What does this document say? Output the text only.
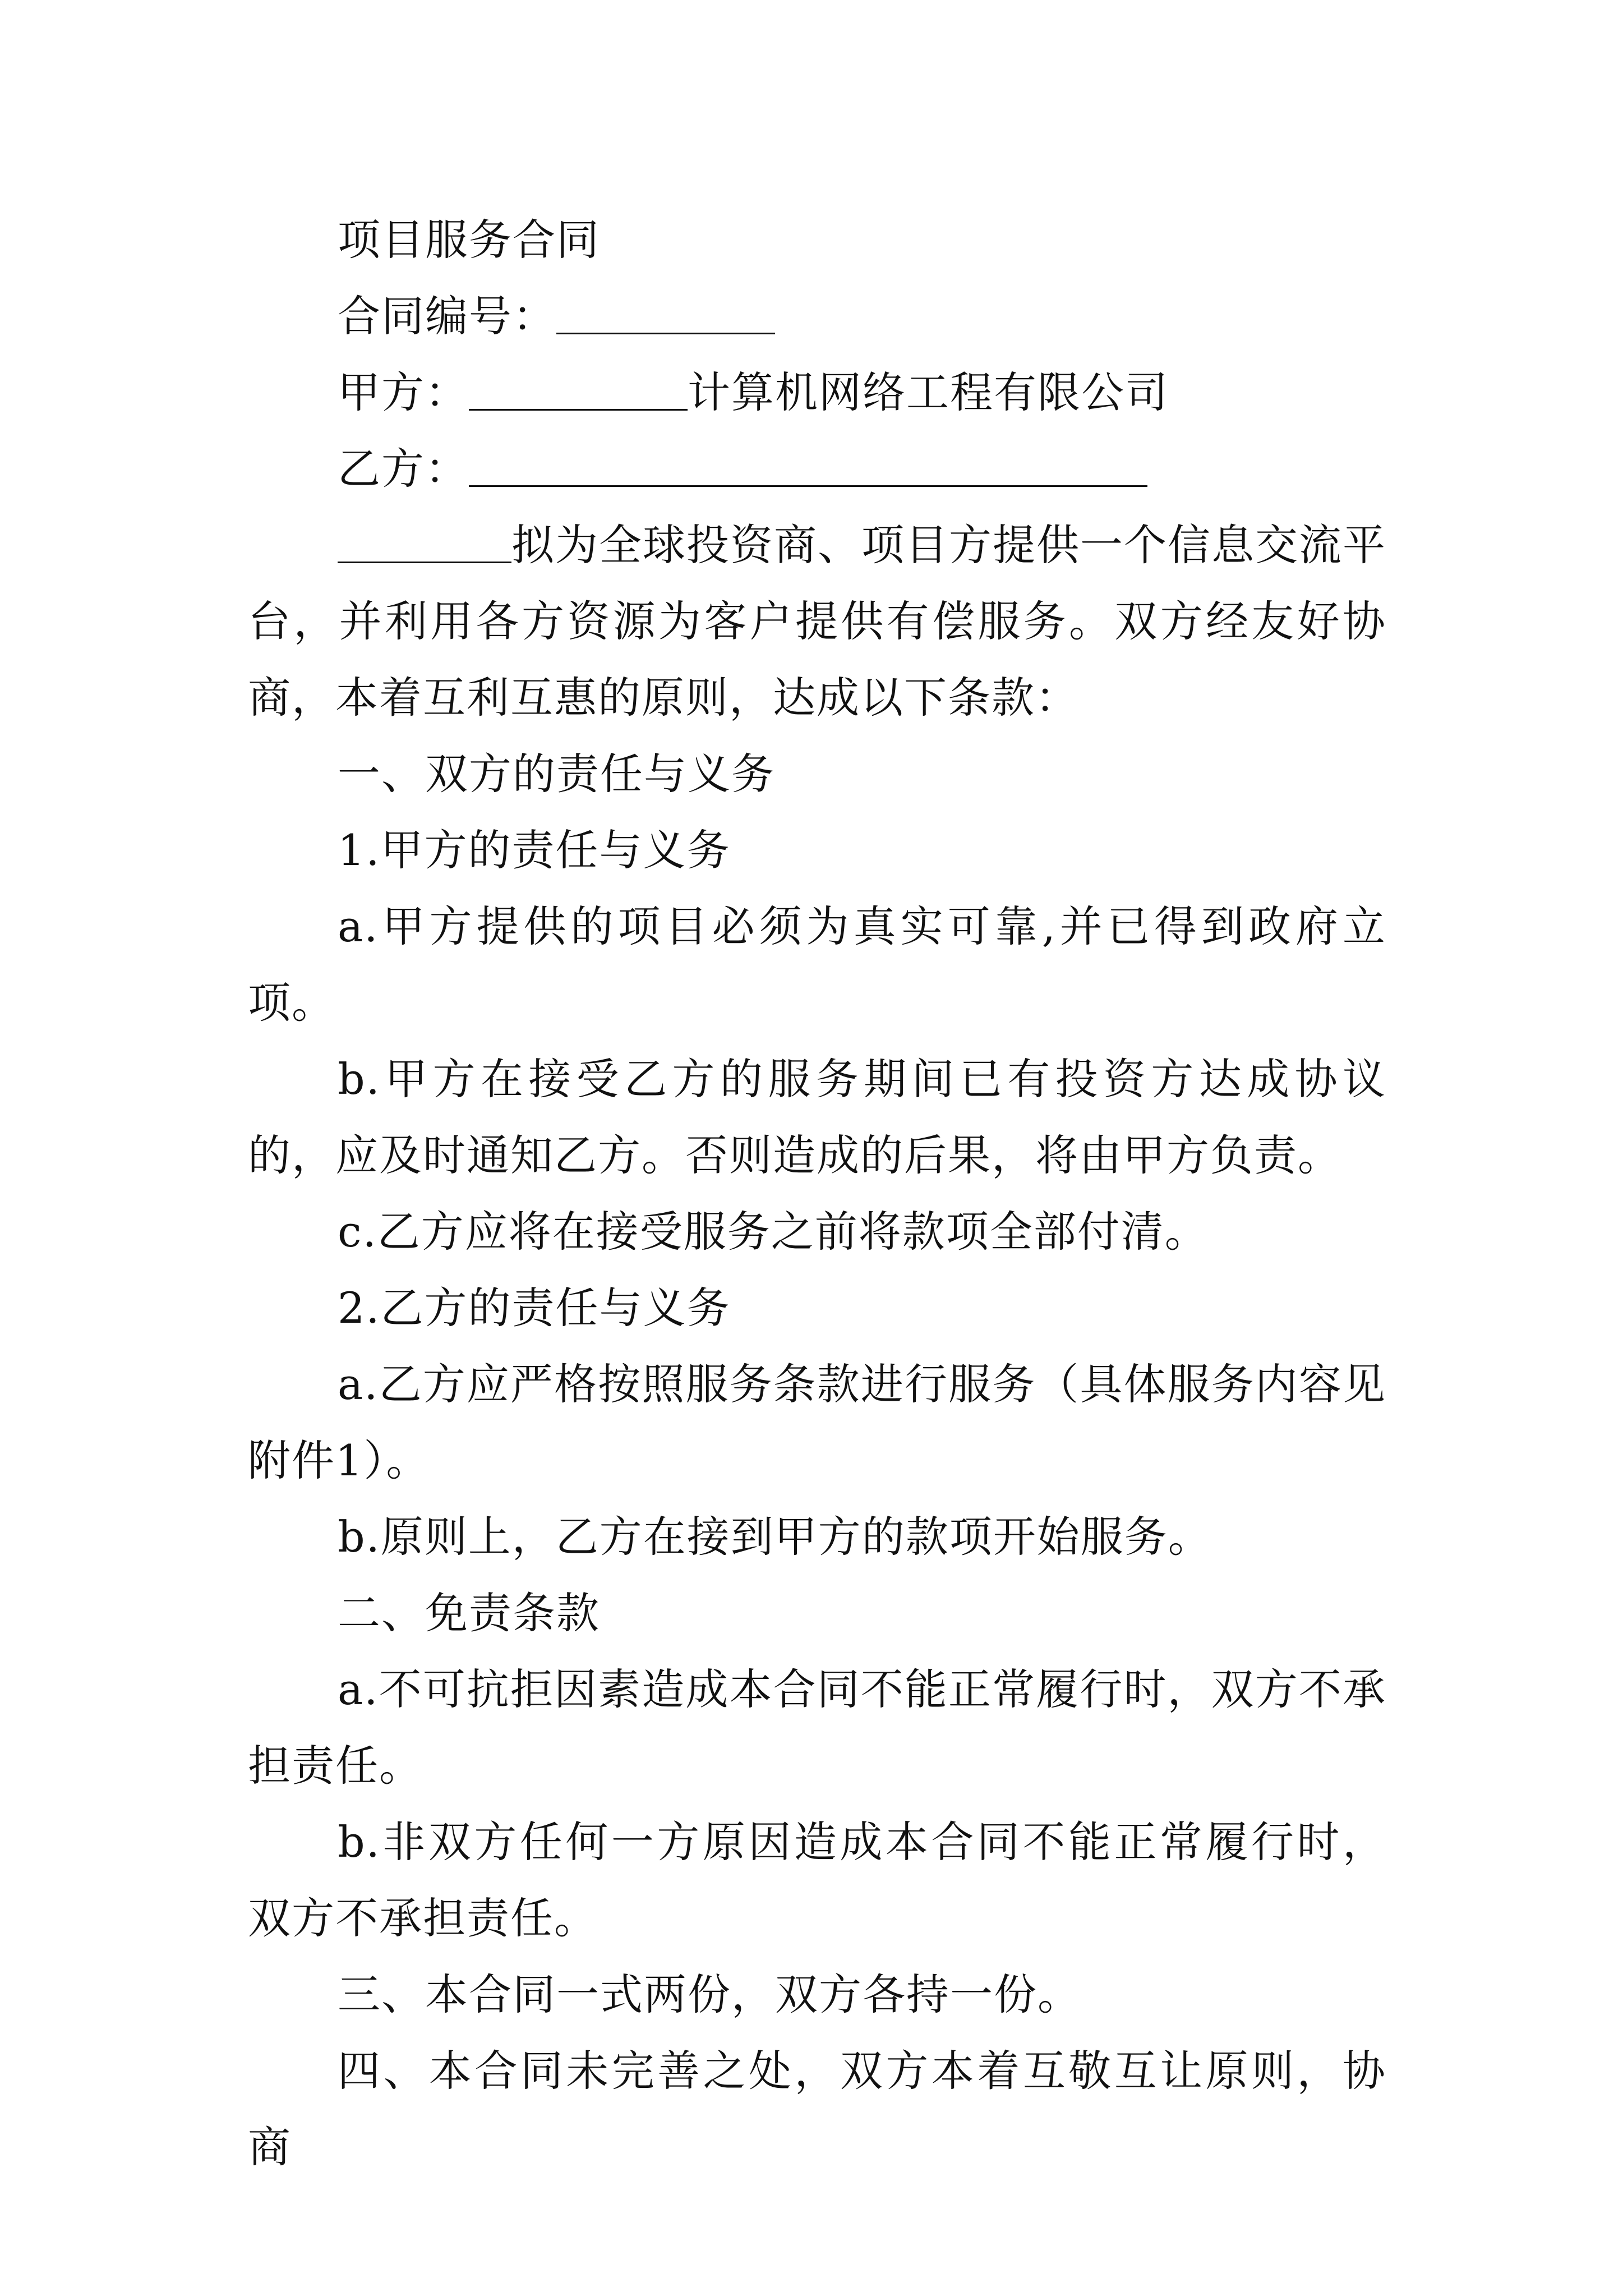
项目服务合同

合同编号：

甲方：	计算机网络工程有限公司

乙方：

拟为全球投资商、项目方提供一个信息交流平台，并利用各方资源为客户提供有偿服务。双方经友好协商，本着互利互惠的原则，达成以下条款：

一、双方的责任与义务

1.甲方的责任与义务

a.甲方提供的项目必须为真实可靠,并已得到政府立项。

b.甲方在接受乙方的服务期间已有投资方达成协议的，应及时通知乙方。否则造成的后果，将由甲方负责。

c.乙方应将在接受服务之前将款项全部付清。

2.乙方的责任与义务

a.乙方应严格按照服务条款进行服务（具体服务内容见附件1）。

b.原则上，乙方在接到甲方的款项开始服务。

二、免责条款

a.不可抗拒因素造成本合同不能正常履行时，双方不承担责任。

b.非双方任何一方原因造成本合同不能正常履行时，双方不承担责任。

三、本合同一式两份，双方各持一份。

四、本合同未完善之处，双方本着互敬互让原则，协商
